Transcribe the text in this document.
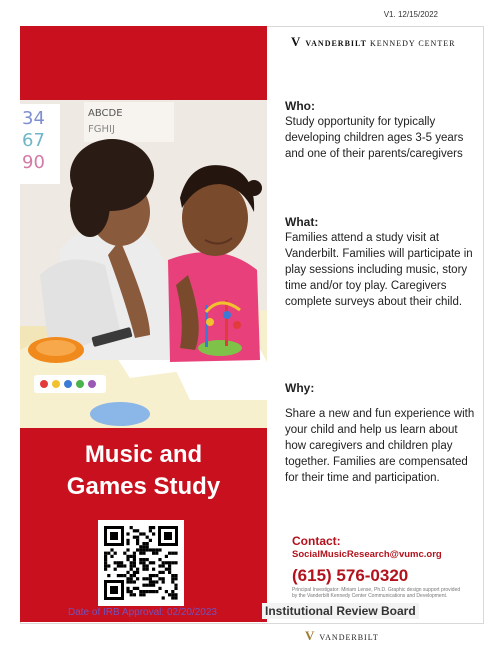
V1. 12/15/2022
34
67
90
ABCDE
FGHIJ
Music and
Games Study
Date of IRB Approval: 02/20/2023	Institutional Review Board
VVANDERBILT KENNEDY CENTER
Who:
Study opportunity for typically developing children ages 3-5 years and one of their parents/caregivers
What:
Families attend a study visit at Vanderbilt. Families will participate in play sessions including music, story time and/or toy play. Caregivers complete surveys about their child.
Why:
Share a new and fun experience with your child and help us learn about how caregivers and children play together. Families are compensated for their time and participation.
Contact:
SocialMusicResearch@vumc.org
(615) 576-0320
Principal Investigator: Miriam Lense, Ph.D. Graphic design support provided by the Vanderbilt Kennedy Center Communications and Development.
VVANDERBILT
